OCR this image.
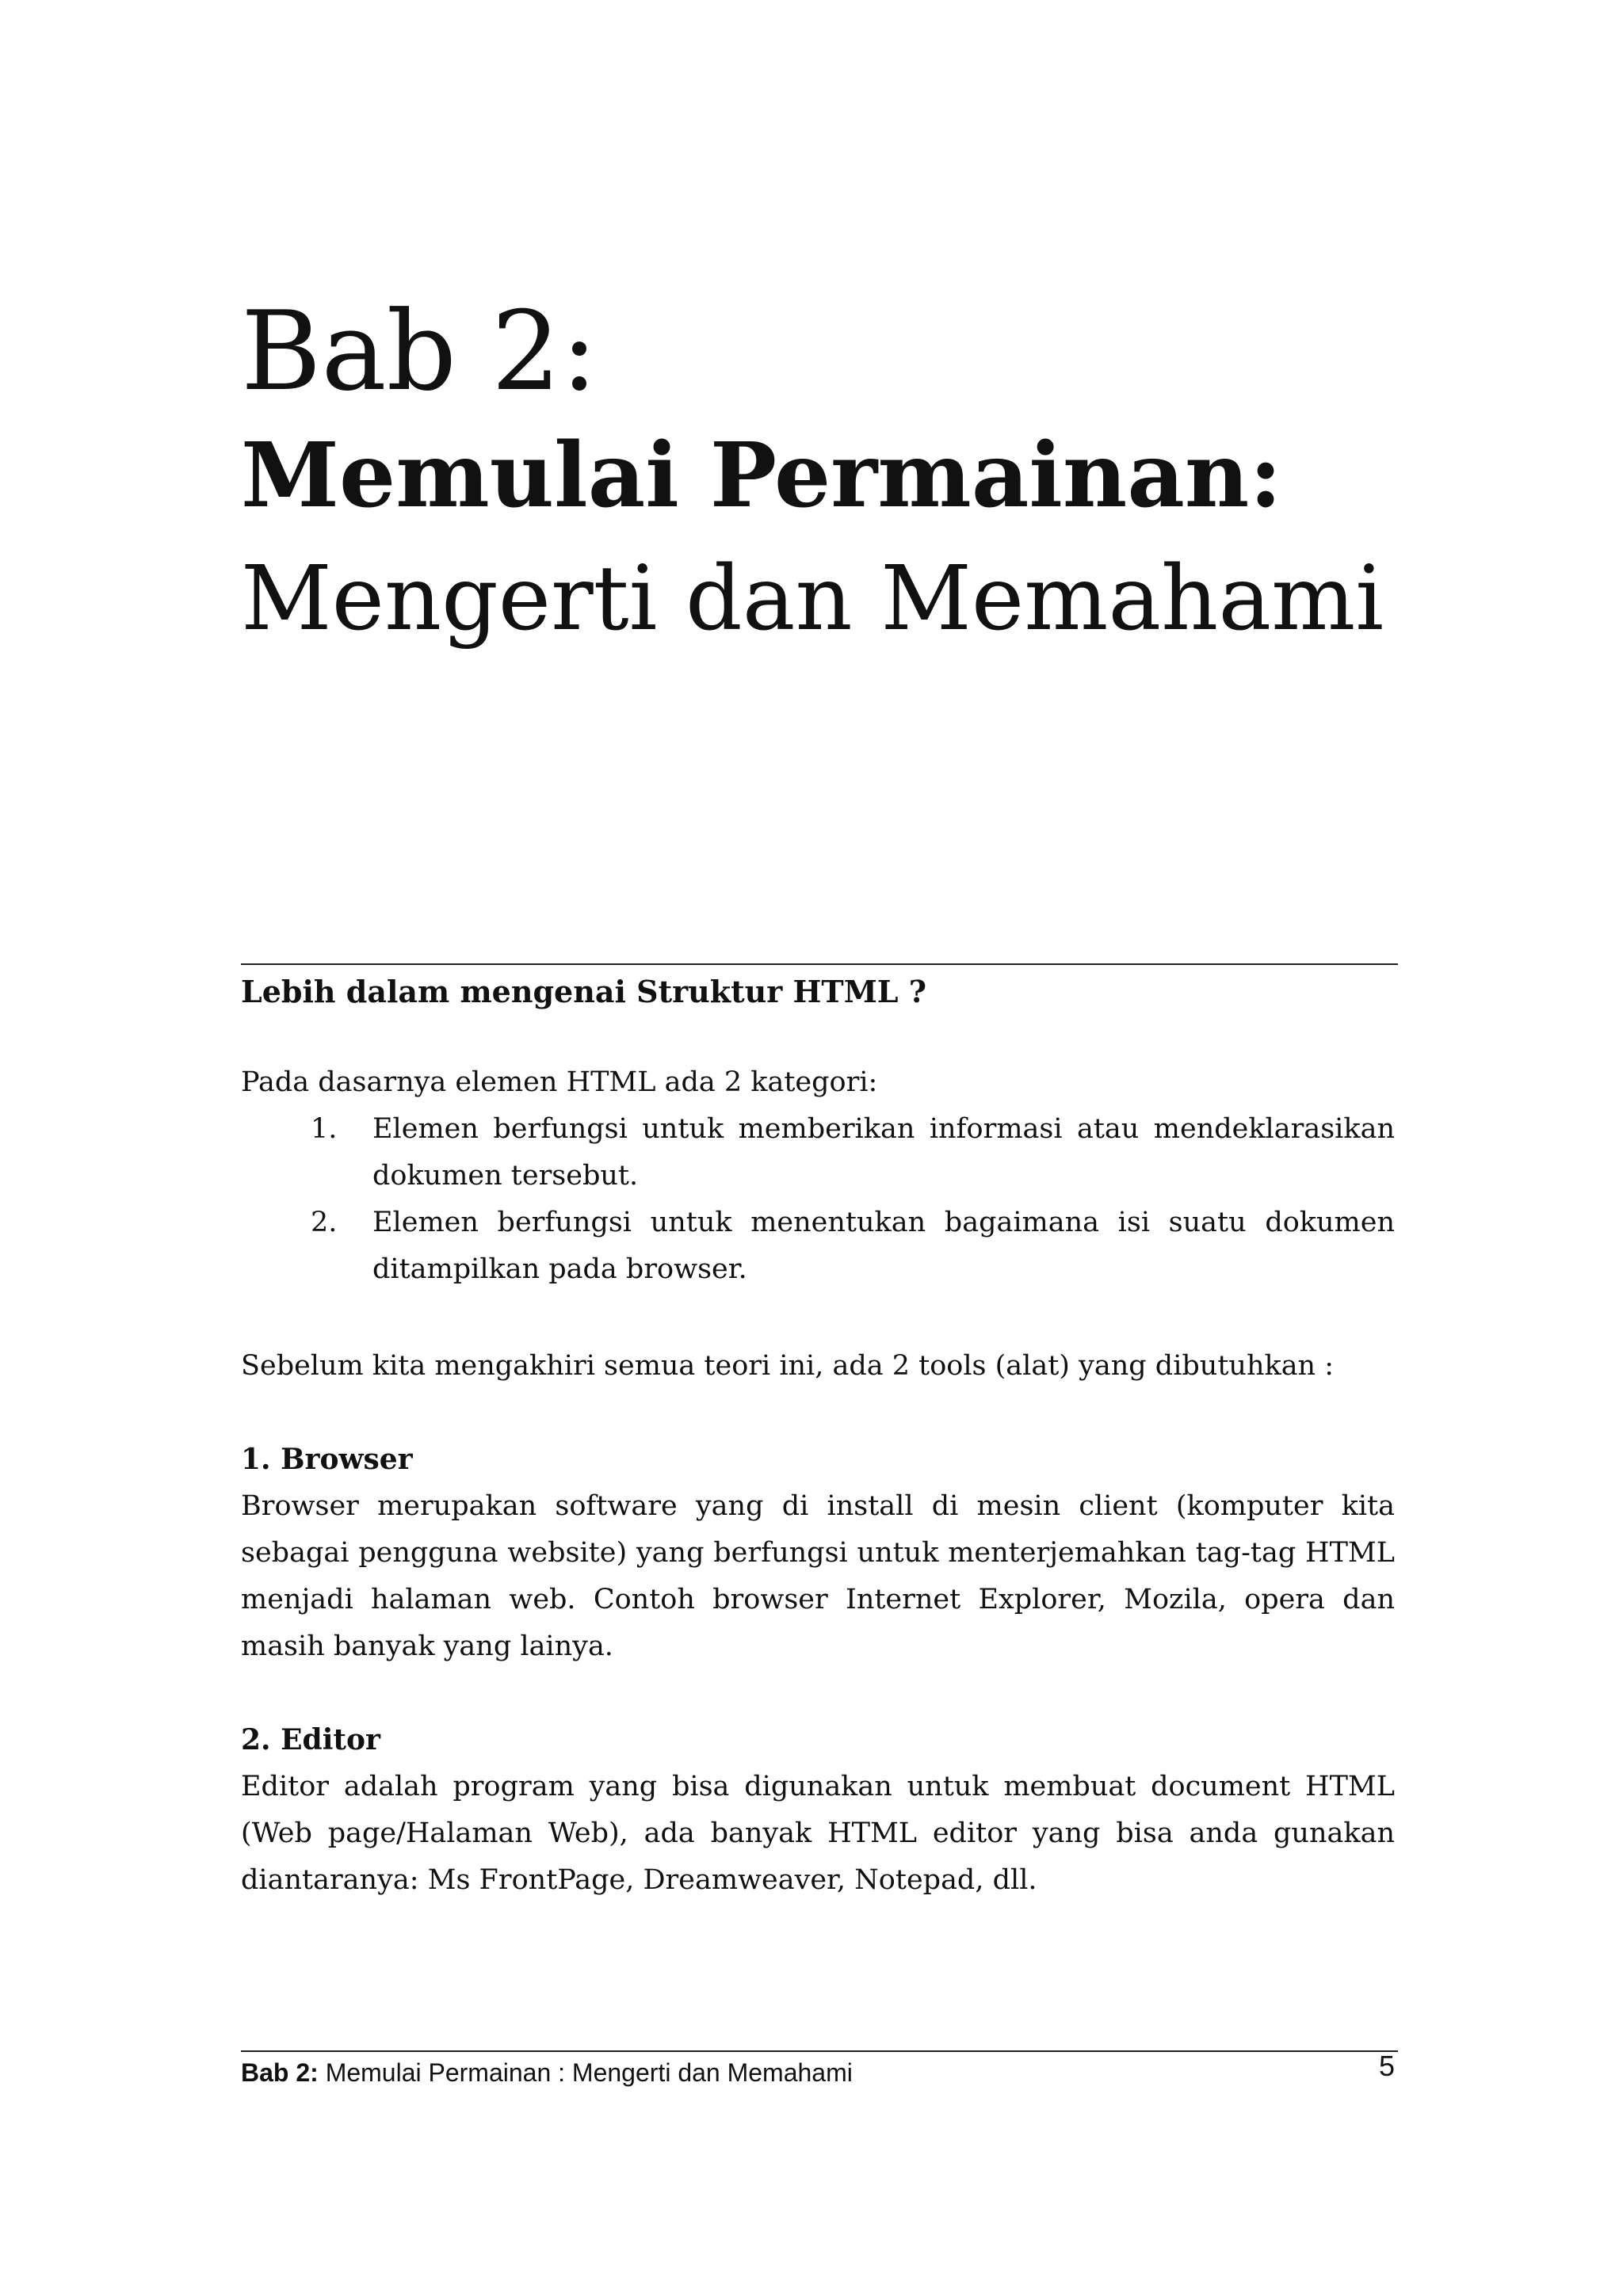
Bab 2:
Memulai Permainan:
Mengerti dan Memahami
Lebih dalam mengenai Struktur HTML ?

Pada dasarnya elemen HTML ada 2 kategori:

1. Elemen berfungsi untuk memberikan informasi atau mendeklarasikan dokumen tersebut.
2. Elemen berfungsi untuk menentukan bagaimana isi suatu dokumen ditampilkan pada browser.

Sebelum kita mengakhiri semua teori ini, ada 2 tools (alat) yang dibutuhkan :

1. Browser

Browser merupakan software yang di install di mesin client (komputer kita sebagai pengguna website) yang berfungsi untuk menterjemahkan tag-tag HTML menjadi halaman web. Contoh browser Internet Explorer, Mozila, opera dan masih banyak yang lainya.

2. Editor

Editor adalah program yang bisa digunakan untuk membuat document HTML (Web page/Halaman Web), ada banyak HTML editor yang bisa anda gunakan diantaranya: Ms FrontPage, Dreamweaver, Notepad, dll.

Bab 2: Memulai Permainan : Mengerti dan Memahami	5
